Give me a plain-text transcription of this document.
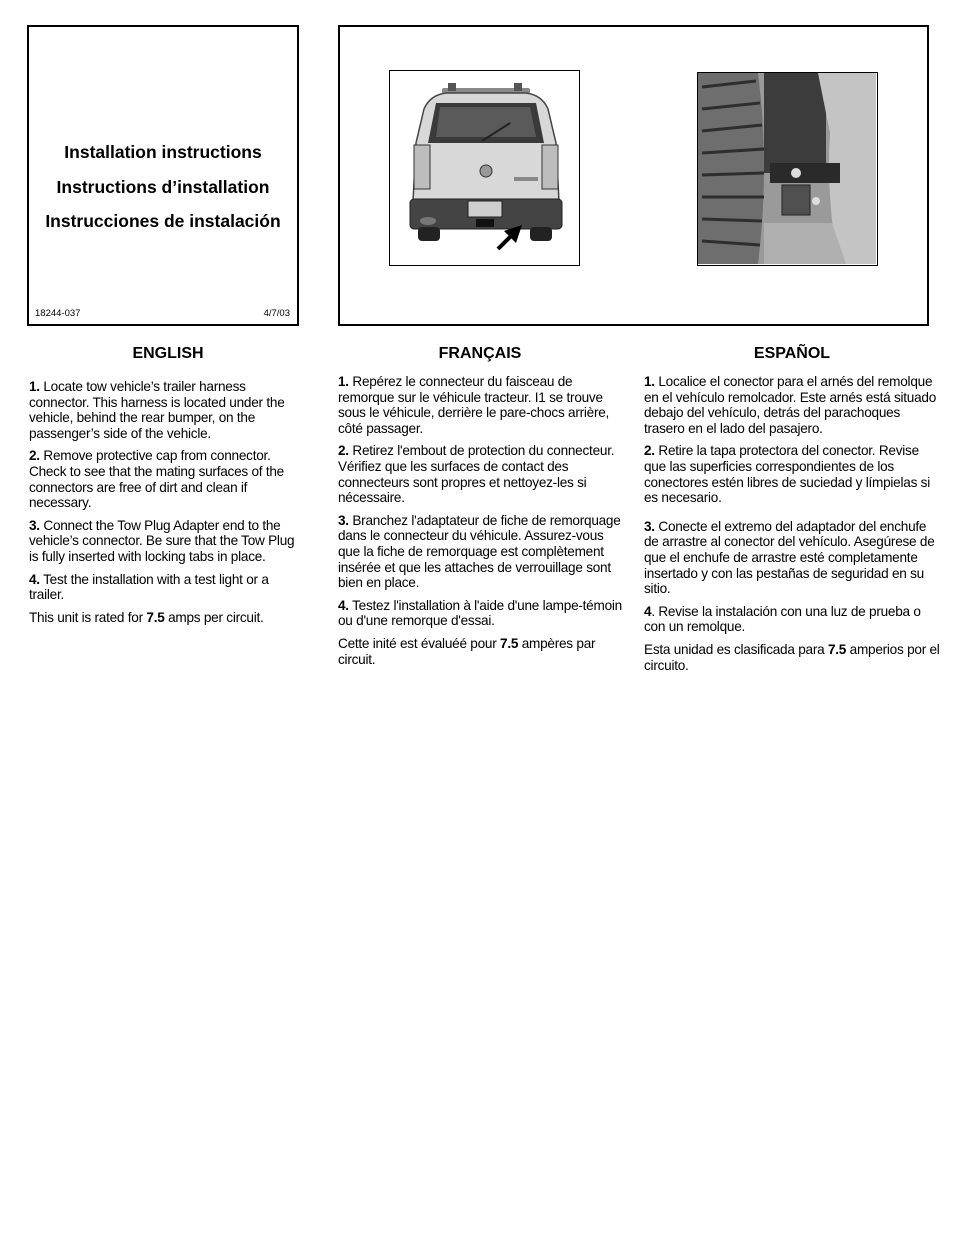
Installation instructions
Instructions d’installation
Instrucciones de instalación
18244-037	4/7/03
ENGLISH

1. Locate tow vehicle’s trailer harness connector. This harness is located under the vehicle, behind the rear bumper, on the passenger’s side of the vehicle.

2. Remove protective cap from connector. Check to see that the mating surfaces of the connectors are free of dirt and clean if necessary.

3. Connect the Tow Plug Adapter end to the vehicle’s connector. Be sure that the Tow Plug is fully inserted with locking tabs in place.

4. Test the installation with a test light or a trailer.

This unit is rated for 7.5 amps per circuit.

FRANÇAIS

1. Repérez le connecteur du faisceau de remorque sur le véhicule tracteur. I1 se trouve sous le véhicule, derrière le pare-chocs arrière, côté passager.

2. Retirez l'embout de protection du connecteur. Vérifiez que les surfaces de contact des connecteurs sont propres et nettoyez-les si nécessaire.

3. Branchez l'adaptateur de fiche de remorquage dans le connecteur du véhicule. Assurez-vous que la fiche de remorquage est complètement insérée et que les attaches de verrouillage sont bien en place.

4. Testez l'installation à l'aide d'une lampe-témoin ou d'une remorque d'essai.

Cette inité est évaluéé pour 7.5 ampères par circuit.

ESPAÑOL

1. Localice el conector para el arnés del remolque en el vehículo remolcador. Este arnés está situado debajo del vehículo, detrás del parachoques trasero en el lado del pasajero.

2. Retire la tapa protectora del conector. Revise que las superficies correspondientes de los conectores estén libres de suciedad y límpielas si es necesario.

3. Conecte el extremo del adaptador del enchufe de arrastre al conector del vehículo. Asegúrese de que el enchufe de arrastre esté completamente insertado y con las pestañas de seguridad en su sitio.

4. Revise la instalación con una luz de prueba o con un remolque.

Esta unidad es clasificada para 7.5 amperios por el circuito.
